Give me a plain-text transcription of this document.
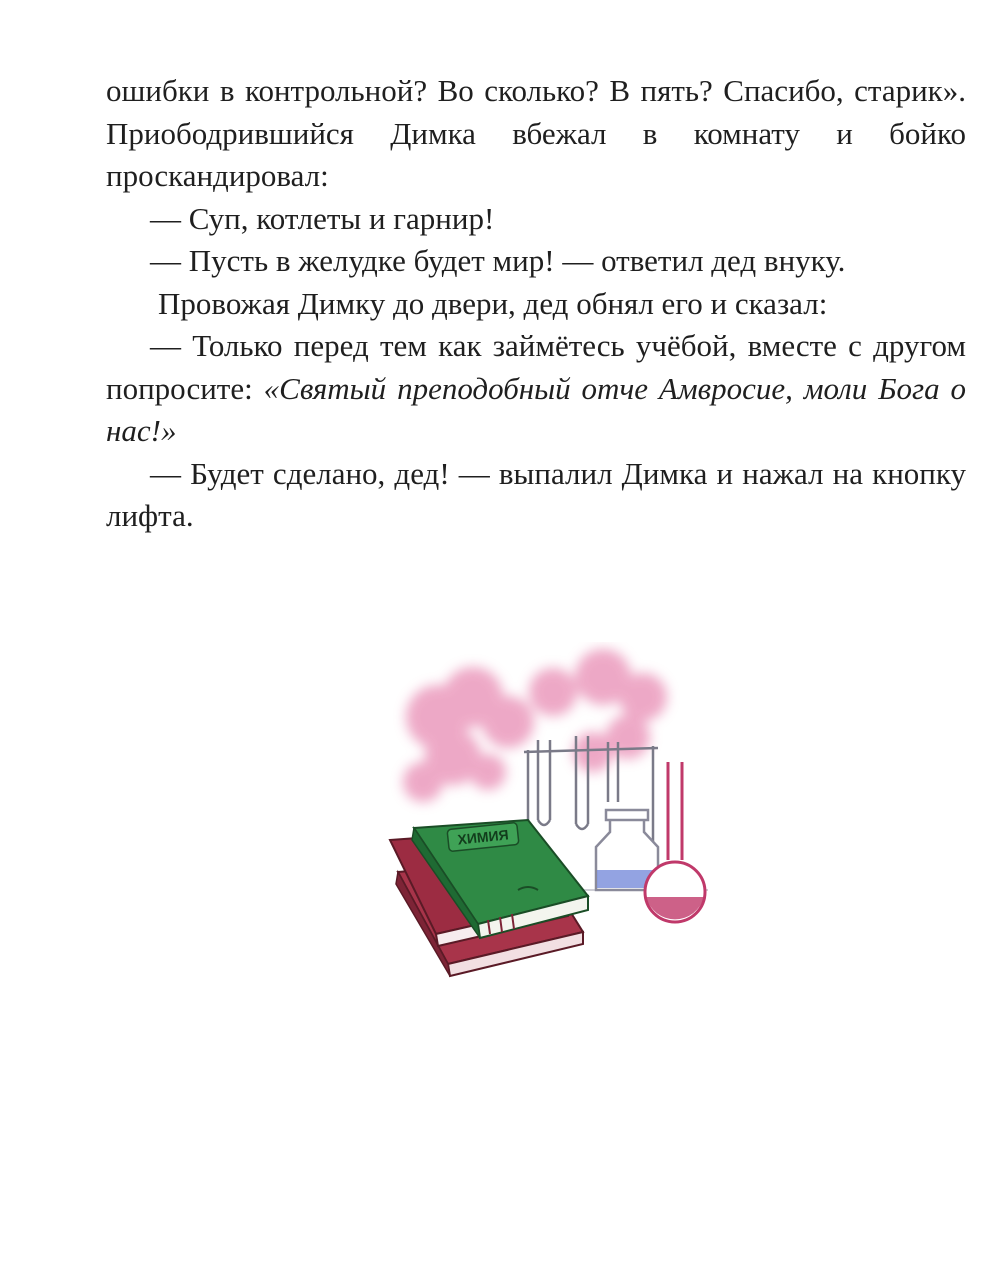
ошибки в контрольной? Во сколько? В пять? Спасибо, старик». Приободрившийся Димка вбежал в комнату и бойко проскандировал:

— Суп, котлеты и гарнир!

— Пусть в желудке будет мир! — ответил дед внуку.

Провожая Димку до двери, дед обнял его и сказал:

— Только перед тем как займётесь учёбой, вместе с другом попросите: «Святый преподобный отче Амвросие, моли Бога о нас!»

— Будет сделано, дед! — выпалил Димка и нажал на кнопку лифта.

ХИМИЯ
